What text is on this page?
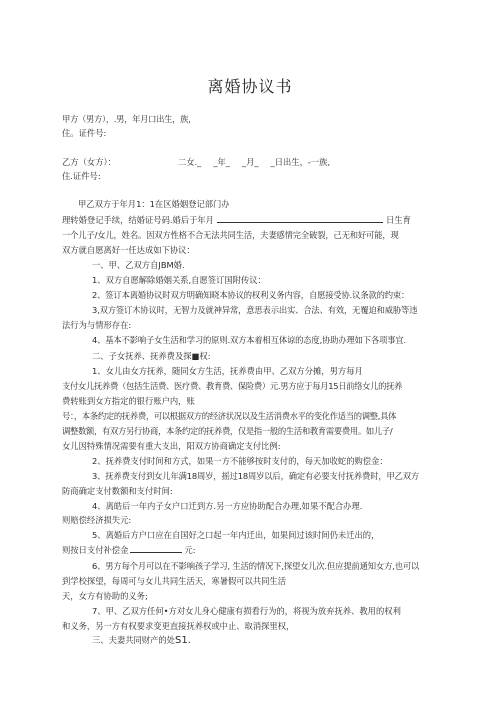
离婚协议书
甲方（男方），.男，年月口出生，族，
住。证件号:
乙方（女方）：	二女._ _年_ _月_ _日出生，-一族,
住.证件号:
甲乙双方于年月1：1在区婚姻登记部门办
理转婚登记手续，结婚证号码.婚后于年月	日生育
一个儿子/女儿，姓名。因双方性格不合无法共同生活，夫妻感情完全破裂，己无和好可能，现
双方就自愿离好一任达成如下协议：
一、甲、乙双方自JBM婚.
1、双方自愿解除婚姻关系,自愿签订国附传议：
2、签订本离婚协议时双方明确知晓本协议的权利义务内容，自愿接受协.议条款的约束：
3,双方签订木协议时，无智力及就神异常，意思表示出实、合法、有效，无覆迫和威胁等违
法行为与情形存在:
4、基本不影响子女生活和学习的原则.双方本着相互体谅的态度,协助办理如下各项事宜.
二、子女抚养、抚养费及探■权:
1、女儿由女方抚养，随同女方生活，抚养费由甲、乙双方分摊，男方每月
支付女儿抚养费（包括生活费、医疗费、教育费、保险费）元.男方应于每月15日前络女儿的抚养
费转账到女方指定的银行账户内，账
号：，本条约定的抚养费，可以根据双方的经济状况以及生活消费水平的变化作适当的调整,具体
调整数额，有双方另行协商，本条约定的抚养费，仅是指一般的生活和教育需要费用。如儿子/
女儿因特殊情况需要有重大支出，阳双方协商确定支付比例:
2、抚养费支付时间和方式，如果一方不能够按时支付的，每天加收蛇的购偿金：
3、抚养费支付到女儿年满18周岁，摇过18周岁以后，确定有必要支付抚养费时，甲乙双方
防商确定支付数额和支付时间:
4、离皓后一年内子女户口迁到方.另一方应协助配合办理,如果不配合办理.
则赔偿经济损失元:
5、离婚后方户口应在自国好之口起一年内迁出，如果间过该时间仍未迁出的，
则按日支付补偿金	元:
6、男方每个月可以在不影响孩子学习, 生活的情况下,探望女儿次.但应提前通知女方,也可以
到学校探望，每周可与女儿共同生活天，寒暑假可以共同生活
天，女方有协助的义务;
7、甲、乙双方任何•方对女儿身心健康有损看行为的，将视为放弃抚养、教用的权利
和义务，另一方有权要求变更直接抚养权或中止、取消探里权，
三、夫妻共同财产的处S1.
